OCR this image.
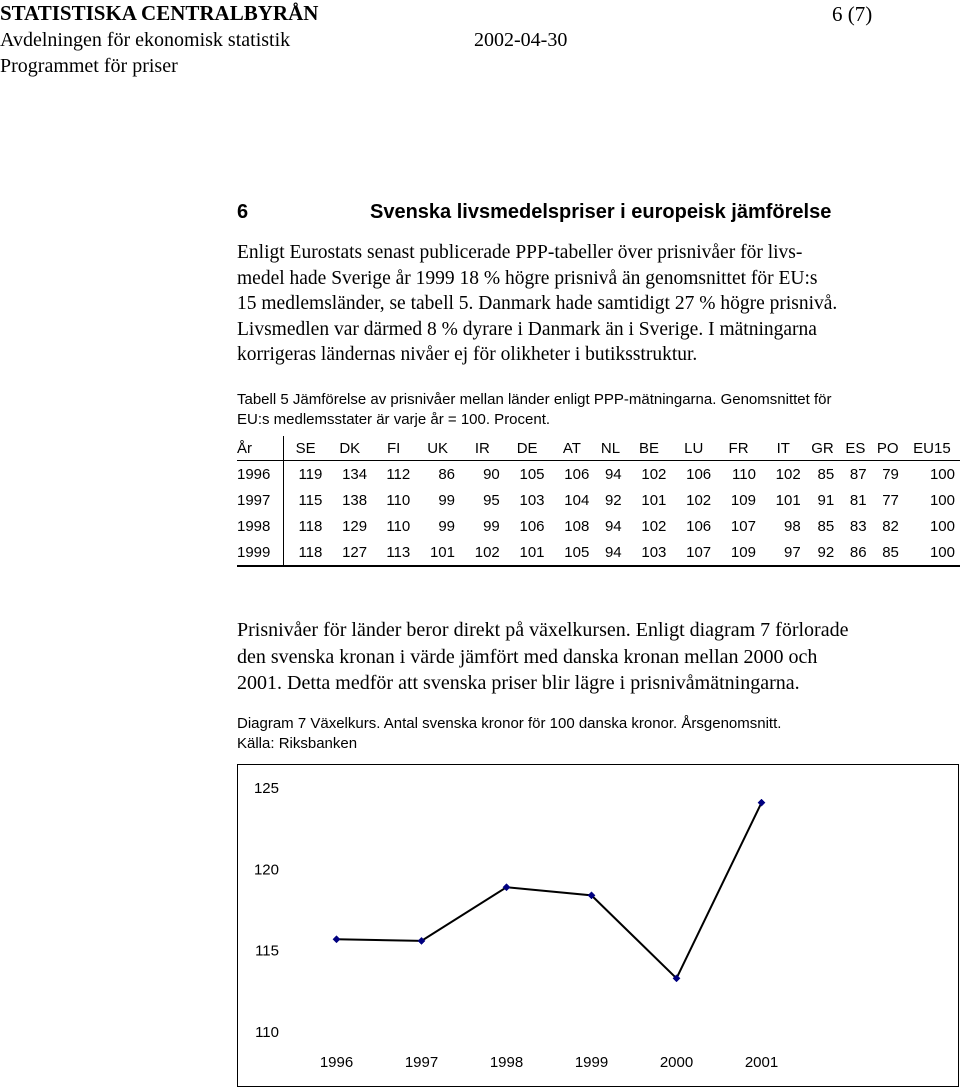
STATISTISKA CENTRALBYRÅN	6 (7)
Avdelningen för ekonomisk statistik	2002-04-30
Programmet för priser
6	Svenska livsmedelspriser i europeisk jämförelse
Enligt Eurostats senast publicerade PPP-tabeller över prisnivåer för livs-
medel hade Sverige år 1999 18 % högre prisnivå än genomsnittet för EU:s
15 medlemsländer, se tabell 5. Danmark hade samtidigt 27 % högre prisnivå.
Livsmedlen var därmed 8 % dyrare i Danmark än i Sverige. I mätningarna
korrigeras ländernas nivåer ej för olikheter i butiksstruktur.
Tabell 5 Jämförelse av prisnivåer mellan länder enligt PPP-mätningarna. Genomsnittet för
EU:s medlemsstater är varje år = 100. Procent.
År	SE	DK	FI	UK	IR	DE	AT	NL	BE	LU	FR	IT	GR	ES	PO	EU15
1996	119	134	112	86	90	105	106	94	102	106	110	102	85	87	79	100
1997	115	138	110	99	95	103	104	92	101	102	109	101	91	81	77	100
1998	118	129	110	99	99	106	108	94	102	106	107	98	85	83	82	100
1999	118	127	113	101	102	101	105	94	103	107	109	97	92	86	85	100
Prisnivåer för länder beror direkt på växelkursen. Enligt diagram 7 förlorade
den svenska kronan i värde jämfört med danska kronan mellan 2000 och
2001. Detta medför att svenska priser blir lägre i prisnivåmätningarna.
Diagram 7 Växelkurs. Antal svenska kronor för 100 danska kronor. Årsgenomsnitt.
Källa: Riksbanken
110
115
120
125
1996	1997	1998	1999	2000	2001
